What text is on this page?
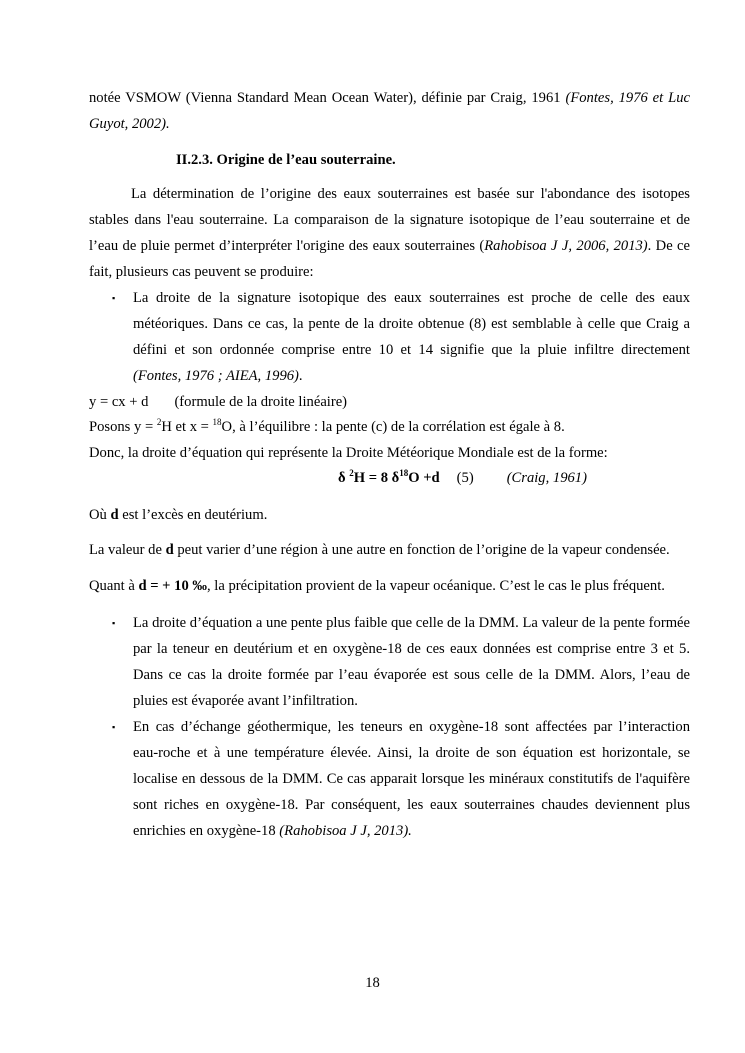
notée VSMOW (Vienna Standard Mean Ocean Water), définie par Craig, 1961 (Fontes, 1976 et Luc

Guyot, 2002).

II.2.3. Origine de l’eau souterraine.

La détermination de l’origine des eaux souterraines est basée sur l'abondance des isotopes

stables dans l'eau souterraine. La comparaison de la signature isotopique de l’eau souterraine et de

l’eau de pluie permet d’interpréter l'origine des eaux souterraines (Rahobisoa J J, 2006, 2013). De ce

fait, plusieurs cas peuvent se produire:

▪ La droite de la signature isotopique des eaux souterraines est proche de celle des eaux

météoriques. Dans ce cas, la pente de la droite obtenue (8) est semblable à celle que Craig a

défini et son ordonnée comprise entre 10 et 14 signifie que la pluie infiltre directement

(Fontes, 1976 ; AIEA, 1996).

y = cx + d (formule de la droite linéaire)

Posons y = $^2$H et x = $^{18}$O, à l’équilibre : la pente (c) de la corrélation est égale à 8.

Donc, la droite d’équation qui représente la Droite Météorique Mondiale est de la forme:

δ $^2$H = 8 $\delta^{18}O +d$ (5) (Craig, 1961)

Où d est l’excès en deutérium.

La valeur de d peut varier d’une région à une autre en fonction de l’origine de la vapeur condensée.

Quant à d = + 10 ‰, la précipitation provient de la vapeur océanique. C’est le cas le plus fréquent.

▪ La droite d’équation a une pente plus faible que celle de la DMM. La valeur de la pente formée

par la teneur en deutérium et en oxygène-18 de ces eaux données est comprise entre 3 et 5.

Dans ce cas la droite formée par l’eau évaporée est sous celle de la DMM. Alors, l’eau de

pluies est évaporée avant l’infiltration.

▪ En cas d’échange géothermique, les teneurs en oxygène-18 sont affectées par l’interaction

eau-roche et à une température élevée. Ainsi, la droite de son équation est horizontale, se

localise en dessous de la DMM. Ce cas apparait lorsque les minéraux constitutifs de l'aquifère

sont riches en oxygène-18. Par conséquent, les eaux souterraines chaudes deviennent plus

enrichies en oxygène-18 (Rahobisoa J J, 2013).

18
